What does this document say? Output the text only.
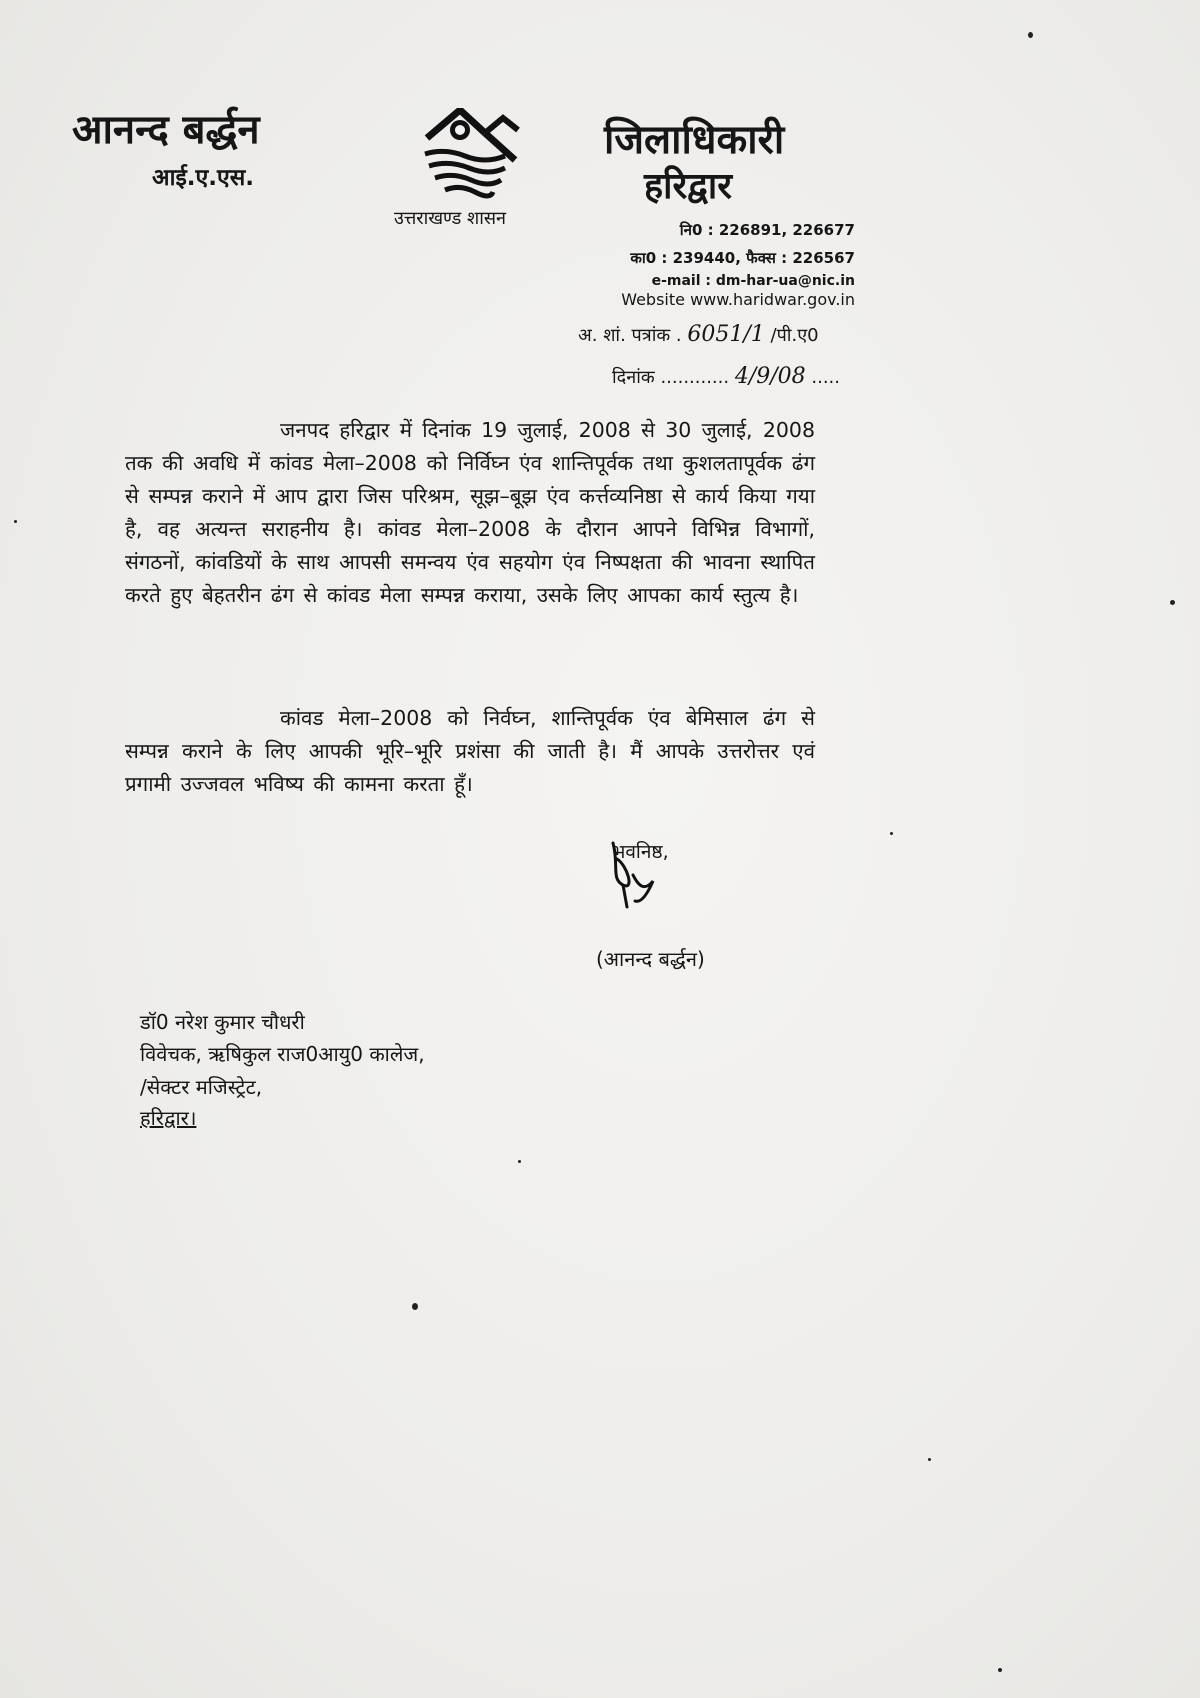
आनन्द बर्द्धन
आई.ए.एस.
उत्तराखण्ड शासन
जिलाधिकारी
हरिद्वार
नि0 : 226891, 226677
का0 : 239440, फैक्स : 226567
e-mail : dm-har-ua@nic.in
Website www.haridwar.gov.in
अ. शां. पत्रांक . 6051/1 /पी.ए0
दिनांक ............ 4/9/08 .....
जनपद हरिद्वार में दिनांक 19 जुलाई, 2008 से 30 जुलाई, 2008 तक की अवधि में कांवड मेला–2008 को निर्विघ्न एंव शान्तिपूर्वक तथा कुशलतापूर्वक ढंग से सम्पन्न कराने में आप द्वारा जिस परिश्रम, सूझ–बूझ एंव कर्त्तव्यनिष्ठा से कार्य किया गया है, वह अत्यन्त सराहनीय है। कांवड मेला–2008 के दौरान आपने विभिन्न विभागों, संगठनों, कांवडियों के साथ आपसी समन्वय एंव सहयोग एंव निष्पक्षता की भावना स्थापित करते हुए बेहतरीन ढंग से कांवड मेला सम्पन्न कराया, उसके लिए आपका कार्य स्तुत्य है।
कांवड मेला–2008 को निर्वघ्न, शान्तिपूर्वक एंव बेमिसाल ढंग से सम्पन्न कराने के लिए आपकी भूरि–भूरि प्रशंसा की जाती है। मैं आपके उत्तरोत्तर एवं प्रगामी उज्जवल भविष्य की कामना करता हूँ।
भवनिष्ठ,
(आनन्द बर्द्धन)
डॉ0 नरेश कुमार चौधरी
विवेचक, ऋषिकुल राज0आयु0 कालेज,
/सेक्टर मजिस्ट्रेट,
हरिद्वार।
